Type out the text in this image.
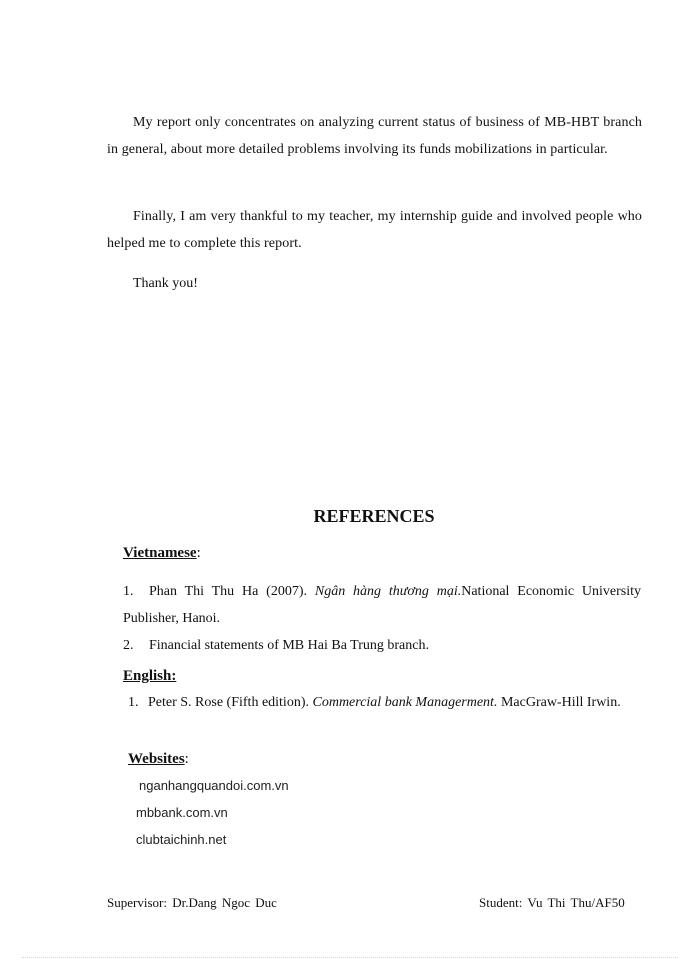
My report only concentrates on analyzing current status of business of MB-HBT branch in general, about more detailed problems involving its funds mobilizations in particular.

Finally, I am very thankful to my teacher, my internship guide and involved people who helped me to complete this report.

Thank you!
REFERENCES
Vietnamese:
1. Phan Thi Thu Ha (2007). Ngân hàng thương mại.National Economic University Publisher, Hanoi.
2. Financial statements of MB Hai Ba Trung branch.
English:
1. Peter S. Rose (Fifth edition). Commercial bank Managerment. MacGraw-Hill Irwin.
Websites:
nganhangquandoi.com.vn
mbbank.com.vn
clubtaichinh.net
Supervisor: Dr.Dang Ngoc Duc	Student: Vu Thi Thu/AF50
